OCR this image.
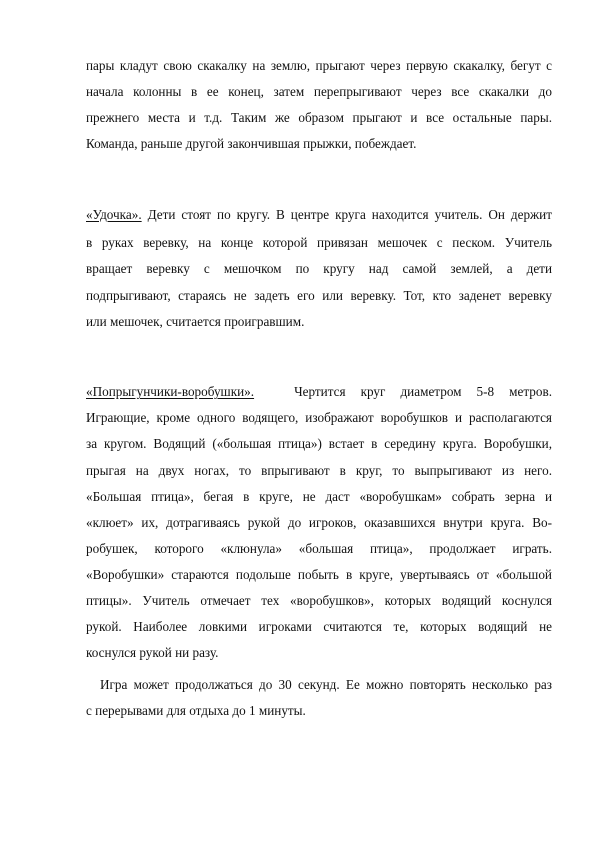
пары кладут свою скакалку на землю, прыгают через первую скакалку, бегут с
начала колонны в ее конец, затем перепрыгивают через все скакалки до
прежнего места и т.д. Таким же образом прыгают и все остальные пары.
Команда, раньше другой закончившая прыжки, побеждает.
«Удочка». Дети стоят по кругу. В центре круга находится учитель. Он держит
в руках веревку, на конце которой привязан мешочек с песком. Учитель
вращает веревку с мешочком по кругу над самой землей, а дети
подпрыгивают, стараясь не задеть его или веревку. Тот, кто заденет веревку
или мешочек, считается проигравшим.
«Попрыгунчики-воробушки».	Чертится круг диаметром 5-8 метров.
Играющие, кроме одного водящего, изображают воробушков и располагаются
за кругом. Водящий («большая птица») встает в середину круга. Воробушки,
прыгая на двух ногах, то впрыгивают в круг, то выпрыгивают из него.
«Большая птица», бегая в круге, не даст «воробушкам» собрать зерна и
«клюет» их, дотрагиваясь рукой до игроков, оказавшихся внутри круга. Во-
робушек, которого «клюнула» «большая птица», продолжает играть.
«Воробушки» стараются подольше побыть в круге, увертываясь от «большой
птицы». Учитель отмечает тех «воробушков», которых водящий коснулся
рукой. Наиболее ловкими игроками считаются те, которых водящий не
коснулся рукой ни разу.
Игра может продолжаться до 30 секунд. Ее можно повторять несколько раз
с перерывами для отдыха до 1 минуты.
